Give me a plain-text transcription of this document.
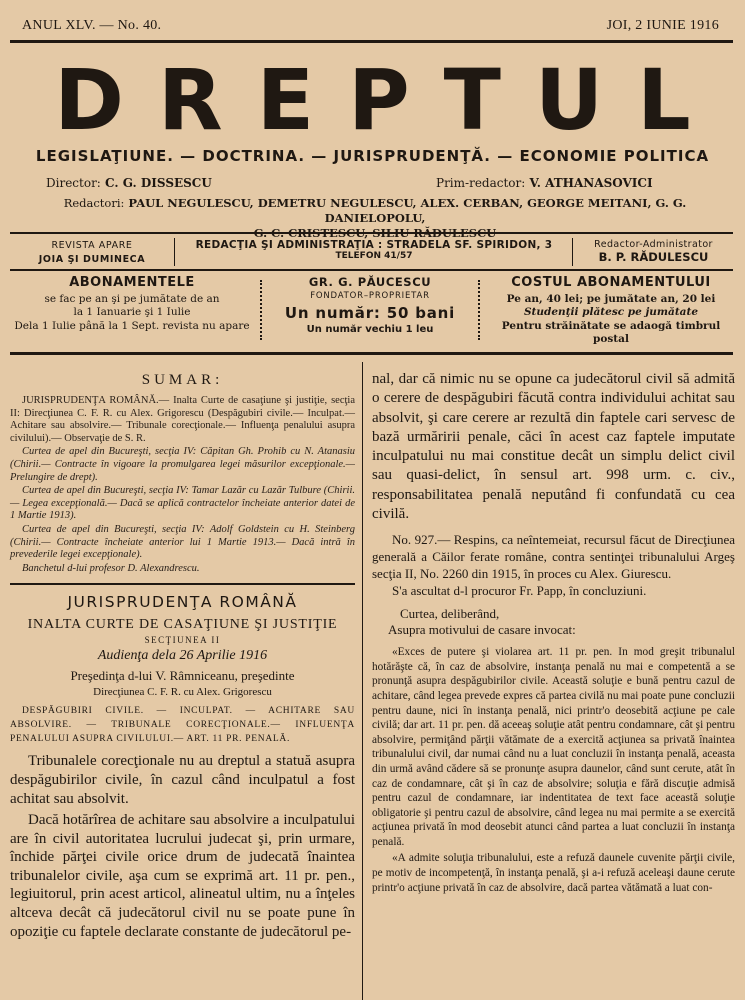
ANUL XLV. — No. 40.	JOI, 2 IUNIE 1916
DREPTUL
LEGISLAŢIUNE. — DOCTRINA. — JURISPRUDENŢĂ. — ECONOMIE POLITICA
Director: C. G. DISSESCU	Prim-redactor: V. ATHANASOVICI
Redactori: PAUL NEGULESCU, DEMETRU NEGULESCU, ALEX. CERBAN, GEORGE MEITANI, G. G. DANIELOPOLU,
REVISTA APARE
JOIA ŞI DUMINECA
REDACŢIA ŞI ADMINISTRAŢIA : STRADELA SF. SPIRIDON, 3
TELEFON 41/57
Redactor-Administrator
B. P. RĂDULESCU
ABONAMENTELE
se fac pe an şi pe jumătate de an
la 1 Ianuarie şi 1 Iulie
Dela 1 Iulie până la 1 Sept. revista nu apare
GR. G. PĂUCESCU
FONDATOR–PROPRIETAR
Un număr: 50 bani
Un număr vechiu 1 leu
COSTUL ABONAMENTULUI
Pe an, 40 lei; pe jumătate an, 20 lei
Studenţii plătesc pe jumătate
Pentru străinătate se adaogă timbrul postal
SUMAR:

JURISPRUDENŢA ROMÂNĂ.— Inalta Curte de casaţiune şi justiţie, secţia II: Direcţiunea C. F. R. cu Alex. Grigorescu (Despăgubiri civile.— Inculpat.— Achitare sau absolvire.— Tribunale corecţionale.— Influenţa penalului asupra civilului).— Observaţie de S. R.

Curtea de apel din Bucureşti, secţia IV: Căpitan Gh. Prohib cu N. Atanasiu (Chirii.— Contracte în vigoare la promulgarea legei măsurilor excepţionale.— Prelungire de drept).

Curtea de apel din Bucureşti, secţia IV: Tamar Lazăr cu Lazăr Tulbure (Chirii.— Legea excepţională.— Dacă se aplică contractelor încheiate anterior datei de 1 Martie 1913).

Curtea de apel din Bucureşti, secţia IV: Adolf Goldstein cu H. Steinberg (Chirii.— Contracte încheiate anterior lui 1 Martie 1913.— Dacă intră în prevederile legei excepţionale).

Banchetul d-lui profesor D. Alexandrescu.

JURISPRUDENŢA ROMÂNĂ
INALTA CURTE DE CASAŢIUNE ŞI JUSTIŢIE
SECŢIUNEA II
Audienţa dela 26 Aprilie 1916
Preşedinţa d-lui V. Râmniceanu, preşedinte
Direcţiunea C. F. R. cu Alex. Grigorescu
DESPĂGUBIRI CIVILE. — INCULPAT. — ACHITARE SAU ABSOLVIRE. — TRIBUNALE CORECŢIONALE.— INFLUENŢA PENALULUI ASUPRA CIVILULUI.— ART. 11 PR. PENALĂ.

Tribunalele corecţionale nu au dreptul a statuă asupra despăgubirilor civile, în cazul când inculpatul a fost achitat sau absolvit.

Dacă hotărîrea de achitare sau absolvire a inculpatului are în civil autoritatea lucrului judecat şi, prin urmare, închide părţei civile orice drum de judecată înaintea tribunalelor civile, aşa cum se exprimă art. 11 pr. pen., legiuitorul, prin acest articol, alineatul ultim, nu a înţeles altceva decât că judecătorul civil nu se poate pune în opoziţie cu faptele declarate constante de judecătorul pe-

nal, dar că nimic nu se opune ca judecătorul civil să admită o cerere de despăgubiri făcută contra individului achitat sau absolvit, şi care cerere ar rezultă din faptele cari servesc de bază urmăririi penale, căci în acest caz faptele imputate inculpatului nu mai constitue decât un simplu delict civil sau quasi-delict, în sensul art. 998 urm. c. civ., responsabilitatea penală neputând fi confundată cu cea civilă.

No. 927.— Respins, ca neîntemeiat, recursul făcut de Direcţiunea generală a Căilor ferate române, contra sentinţei tribunalului Argeş secţia II, No. 2260 din 1915, în proces cu Alex. Giurescu.

S'a ascultat d-l procuror Fr. Papp, în concluziuni.

Curtea, deliberând,

Asupra motivului de casare invocat:

«Exces de putere şi violarea art. 11 pr. pen. In mod greşit tribunalul hotărăşte că, în caz de absolvire, instanţa penală nu mai e competentă a se pronunţă asupra despăgubirilor civile. Această soluţie e bună pentru cazul de achitare, când legea prevede expres că partea civilă nu mai poate pune concluzii pentru daune, nici în instanţa penală, nici printr'o deosebită acţiune pe cale civilă; dar art. 11 pr. pen. dă aceeaş soluţie atât pentru condamnare, cât şi pentru absolvire, permiţând părţii vătămate de a exercită acţiunea sa privată înaintea tribunalului civil, dar numai când nu a luat concluzii în instanţa penală, aceasta din urmă având cădere să se pronunţe asupra daunelor, când sunt cerute, atât în caz de condamnare, cât şi în caz de absolvire; soluţia e fără discuţie admisă pentru cazul de condamnare, iar indentitatea de text face această soluţie obligatorie şi pentru cazul de absolvire, când legea nu mai permite a se exercită acţiunea privată în mod deosebit atunci când partea a luat concluzii în instanţa penală.

«A admite soluţia tribunalului, este a refuză daunele cuvenite părţii civile, pe motiv de incompetenţă, în instanţa penală, şi a-i refuză aceleaşi daune cerute printr'o acţiune privată în caz de absolvire, dacă partea vătămată a luat con-
